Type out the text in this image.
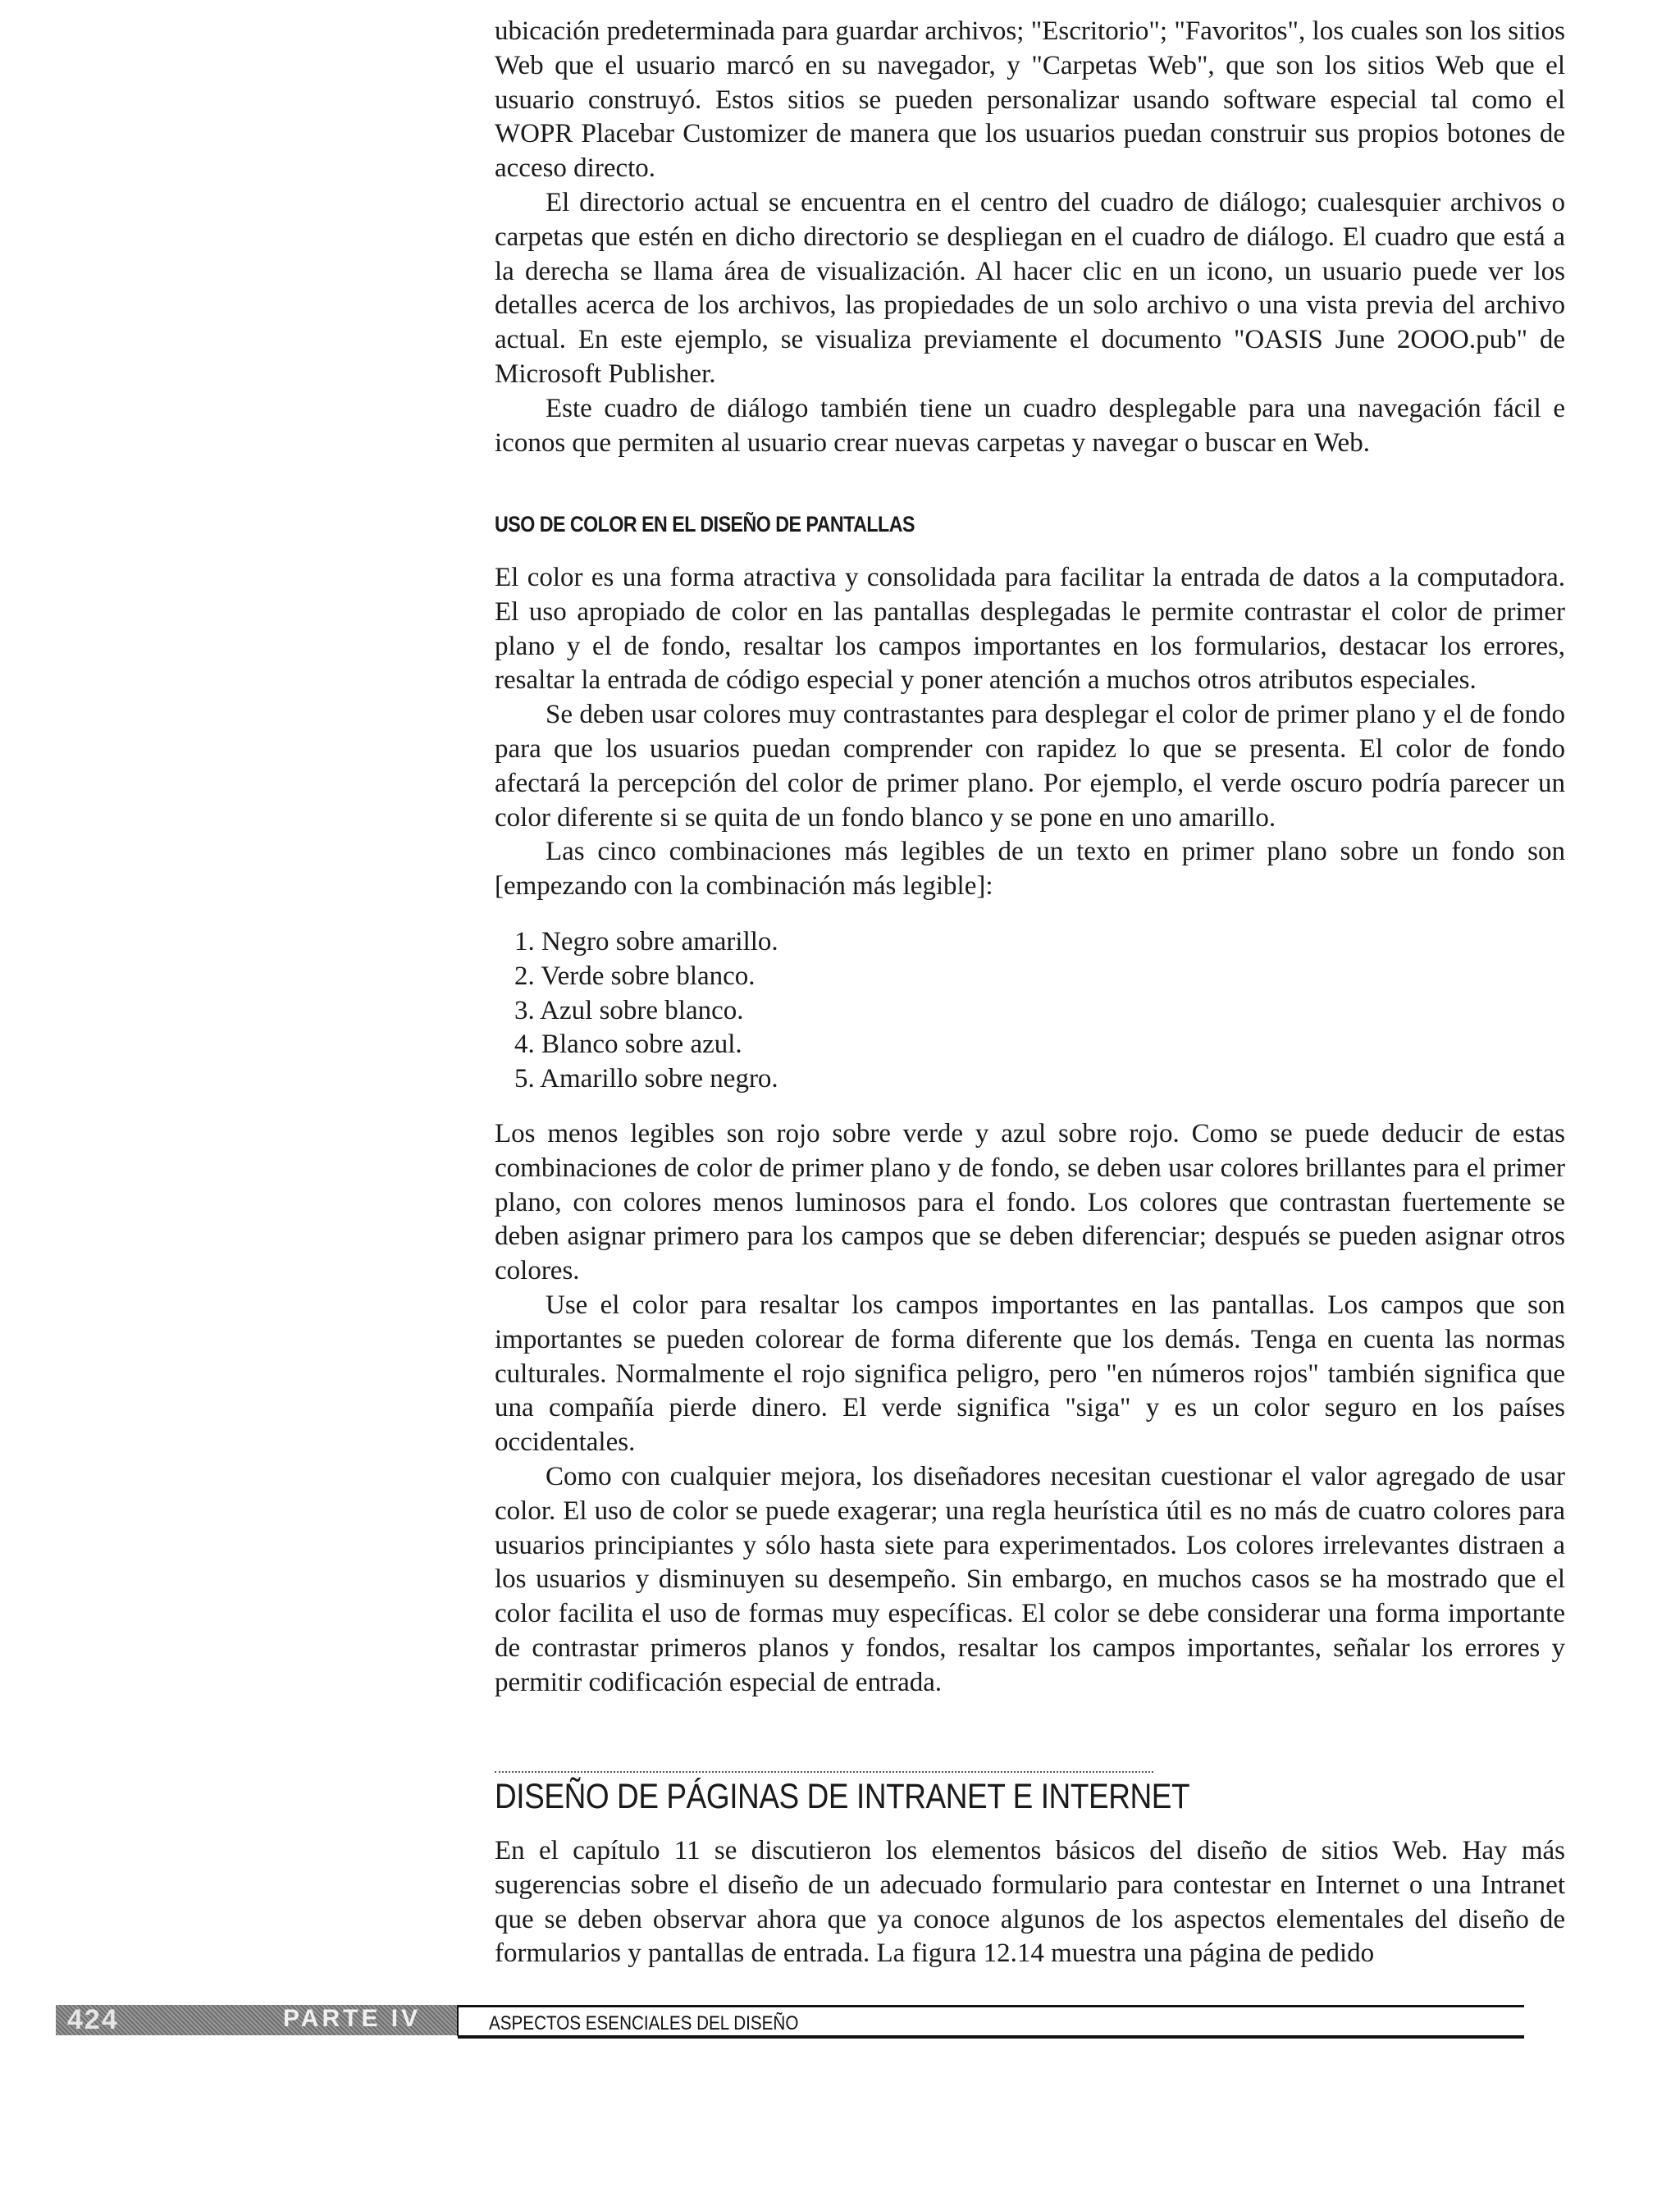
ubicación predeterminada para guardar archivos; "Escritorio"; "Favoritos", los cuales son los sitios Web que el usuario marcó en su navegador, y "Carpetas Web", que son los sitios Web que el usuario construyó. Estos sitios se pueden personalizar usando software especial tal como el WOPR Placebar Customizer de manera que los usuarios puedan construir sus propios botones de acceso directo.

El directorio actual se encuentra en el centro del cuadro de diálogo; cualesquier archivos o carpetas que estén en dicho directorio se despliegan en el cuadro de diálogo. El cuadro que está a la derecha se llama área de visualización. Al hacer clic en un icono, un usuario puede ver los detalles acerca de los archivos, las propiedades de un solo archivo o una vista previa del archivo actual. En este ejemplo, se visualiza previamente el documento "OASIS June 2OOO.pub" de Microsoft Publisher.

Este cuadro de diálogo también tiene un cuadro desplegable para una navegación fácil e iconos que permiten al usuario crear nuevas carpetas y navegar o buscar en Web.

USO DE COLOR EN EL DISEÑO DE PANTALLAS

El color es una forma atractiva y consolidada para facilitar la entrada de datos a la computadora. El uso apropiado de color en las pantallas desplegadas le permite contrastar el color de primer plano y el de fondo, resaltar los campos importantes en los formularios, destacar los errores, resaltar la entrada de código especial y poner atención a muchos otros atributos especiales.

Se deben usar colores muy contrastantes para desplegar el color de primer plano y el de fondo para que los usuarios puedan comprender con rapidez lo que se presenta. El color de fondo afectará la percepción del color de primer plano. Por ejemplo, el verde oscuro podría parecer un color diferente si se quita de un fondo blanco y se pone en uno amarillo.

Las cinco combinaciones más legibles de un texto en primer plano sobre un fondo son [empezando con la combinación más legible]:

1. Negro sobre amarillo.
2. Verde sobre blanco.
3. Azul sobre blanco.
4. Blanco sobre azul.
5. Amarillo sobre negro.

Los menos legibles son rojo sobre verde y azul sobre rojo. Como se puede deducir de estas combinaciones de color de primer plano y de fondo, se deben usar colores brillantes para el primer plano, con colores menos luminosos para el fondo. Los colores que contrastan fuertemente se deben asignar primero para los campos que se deben diferenciar; después se pueden asignar otros colores.

Use el color para resaltar los campos importantes en las pantallas. Los campos que son importantes se pueden colorear de forma diferente que los demás. Tenga en cuenta las normas culturales. Normalmente el rojo significa peligro, pero "en números rojos" también significa que una compañía pierde dinero. El verde significa "siga" y es un color seguro en los países occidentales.

Como con cualquier mejora, los diseñadores necesitan cuestionar el valor agregado de usar color. El uso de color se puede exagerar; una regla heurística útil es no más de cuatro colores para usuarios principiantes y sólo hasta siete para experimentados. Los colores irrelevantes distraen a los usuarios y disminuyen su desempeño. Sin embargo, en muchos casos se ha mostrado que el color facilita el uso de formas muy específicas. El color se debe considerar una forma importante de contrastar primeros planos y fondos, resaltar los campos importantes, señalar los errores y permitir codificación especial de entrada.

DISEÑO DE PÁGINAS DE INTRANET E INTERNET

En el capítulo 11 se discutieron los elementos básicos del diseño de sitios Web. Hay más sugerencias sobre el diseño de un adecuado formulario para contestar en Internet o una Intranet que se deben observar ahora que ya conoce algunos de los aspectos elementales del diseño de formularios y pantallas de entrada. La figura 12.14 muestra una página de pedido

424	PARTE IV	ASPECTOS ESENCIALES DEL DISEÑO
